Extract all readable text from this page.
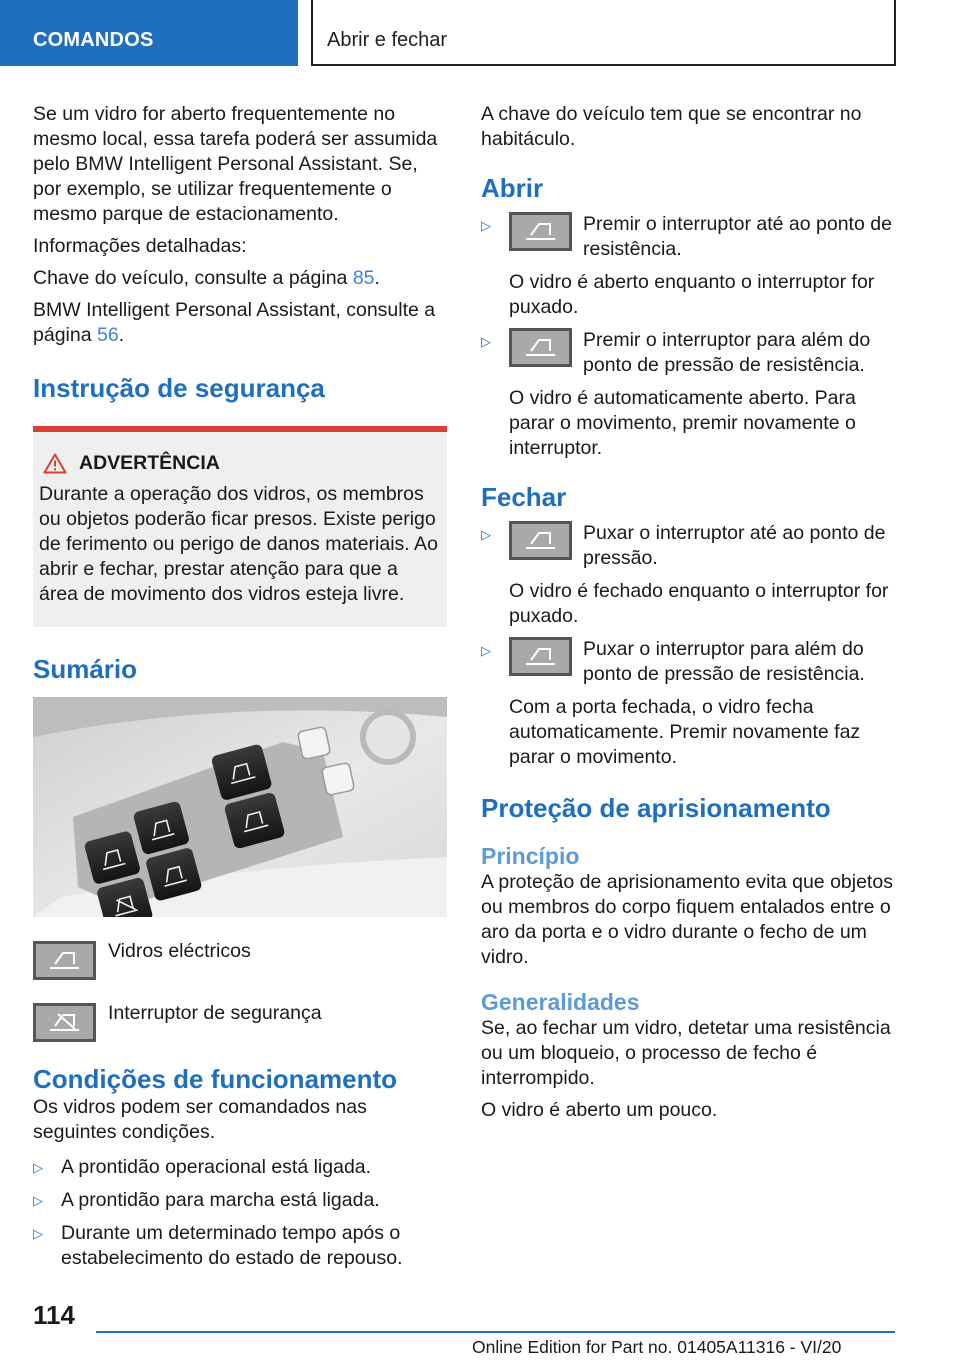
COMANDOS	Abrir e fechar

Se um vidro for aberto frequentemente no mesmo local, essa tarefa poderá ser assumida pelo BMW Intelligent Personal Assistant. Se, por exemplo, se utilizar frequentemente o mesmo parque de estacionamento.

Informações detalhadas:

Chave do veículo, consulte a página 85.

BMW Intelligent Personal Assistant, consulte a página 56.

Instrução de segurança
ADVERTÊNCIA

Durante a operação dos vidros, os membros ou objetos poderão ficar presos. Existe perigo de ferimento ou perigo de danos materiais. Ao abrir e fechar, prestar atenção para que a área de movimento dos vidros esteja livre.

Sumário

Vidros eléctricos

Interruptor de segurança

Condições de funcionamento

Os vidros podem ser comandados nas seguintes condições.

▷ A prontidão operacional está ligada.

▷ A prontidão para marcha está ligada.

▷ Durante um determinado tempo após o estabelecimento do estado de repouso.

A chave do veículo tem que se encontrar no habitáculo.

Abrir
▷	Premir o interruptor até ao ponto de resistência.

O vidro é aberto enquanto o interruptor for puxado.

▷	Premir o interruptor para além do ponto de pressão de resistência.

O vidro é automaticamente aberto. Para parar o movimento, premir novamente o interruptor.

Fechar
▷	Puxar o interruptor até ao ponto de pressão.

O vidro é fechado enquanto o interruptor for puxado.

▷	Puxar o interruptor para além do ponto de pressão de resistência.

Com a porta fechada, o vidro fecha automaticamente. Premir novamente faz parar o movimento.

Proteção de aprisionamento
Princípio

A proteção de aprisionamento evita que objetos ou membros do corpo fiquem entalados entre o aro da porta e o vidro durante o fecho de um vidro.

Generalidades

Se, ao fechar um vidro, detetar uma resistência ou um bloqueio, o processo de fecho é interrompido.

O vidro é aberto um pouco.

114
Online Edition for Part no. 01405A11316 - VI/20
